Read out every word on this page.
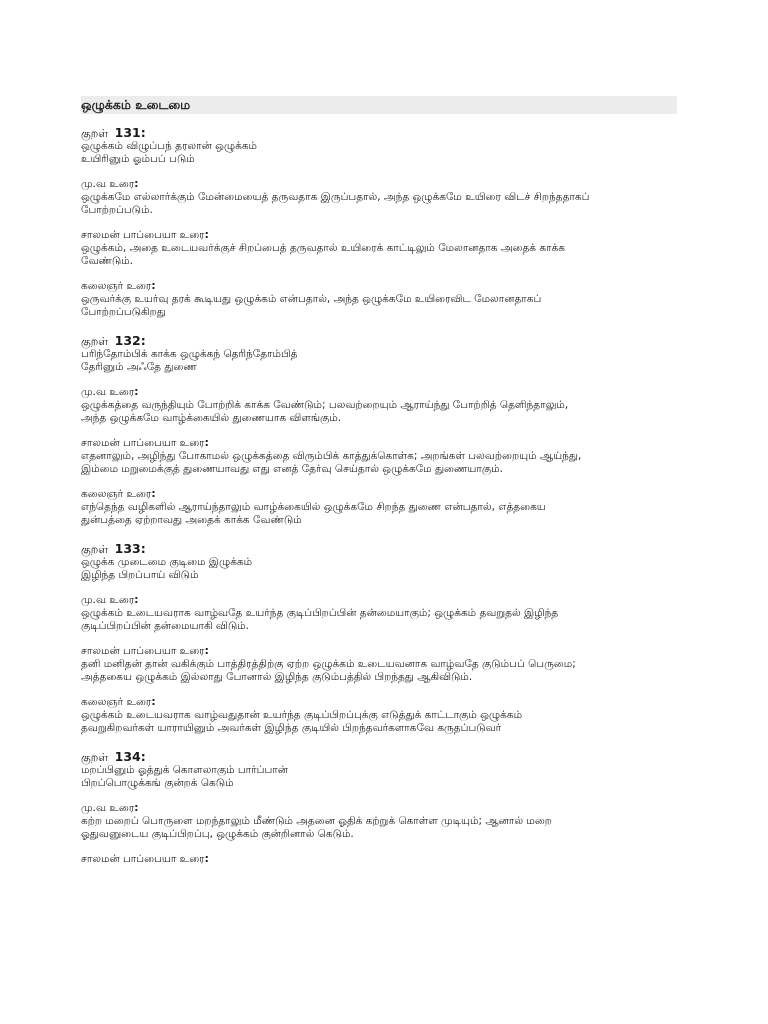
ஒழுக்கம் உடைமை
குறள் 131:
ஒழுக்கம் விழுப்பந் தரலான் ஒழுக்கம்
உயிரினும் ஓம்பப் படும்
மு.வ உரை:
ஒழுக்கமே எல்லார்க்கும் மேன்மையைத் தருவதாக இருப்பதால், அந்த ஒழுக்கமே உயிரை விடச் சிறந்ததாகப்
போற்றப்படும்.
சாலமன் பாப்பையா உரை:
ஒழுக்கம், அதை உடையவர்க்குச் சிறப்பைத் தருவதால் உயிரைக் காட்டிலும் மேலானதாக அதைக் காக்க
வேண்டும்.
கலைஞர் உரை:
ஒருவர்க்கு உயர்வு தரக் கூடியது ஒழுக்கம் என்பதால், அந்த ஒழுக்கமே உயிரைவிட மேலானதாகப்
போற்றப்படுகிறது
குறள் 132:
பரிந்தோம்பிக் காக்க ஒழுக்கந் தெரிந்தோம்பித்
தேரினும் அஃதே துணை
மு.வ உரை:
ஒழுக்கத்தை வருந்தியும் போற்றிக் காக்க வேண்டும்; பலவற்றையும் ஆராய்ந்து போற்றித் தெளிந்தாலும்,
அந்த ஒழுக்கமே வாழ்க்கையில் துணையாக விளங்கும்.
சாலமன் பாப்பையா உரை:
எதனாலும், அழிந்து போகாமல் ஒழுக்கத்தை விரும்பிக் காத்துக்கொள்க; அறங்கள் பலவற்றையும் ஆய்ந்து,
இம்மை மறுமைக்குத் துணையாவது எது எனத் தேர்வு செய்தால் ஒழுக்கமே துணையாகும்.
கலைஞர் உரை:
எந்தெந்த வழிகளில் ஆராய்ந்தாலும் வாழ்க்கையில் ஒழுக்கமே சிறந்த துணை என்பதால், எத்தகைய
துன்பத்தை ஏற்றாவது அதைக் காக்க வேண்டும்
குறள் 133:
ஒழுக்க முடைமை குடிமை இழுக்கம்
இழிந்த பிறப்பாய் விடும்
மு.வ உரை:
ஒழுக்கம் உடையவராக வாழ்வதே உயர்ந்த குடிப்பிறப்பின் தன்மையாகும்; ஒழுக்கம் தவறுதல் இழிந்த
குடிப்பிறப்பின் தன்மையாகி விடும்.
சாலமன் பாப்பையா உரை:
தனி மனிதன் தான் வகிக்கும் பாத்திரத்திற்கு ஏற்ற ஒழுக்கம் உடையவனாக வாழ்வதே குடும்பப் பெருமை;
அத்தகைய ஒழுக்கம் இல்லாது போனால் இழிந்த குடும்பத்தில் பிறந்தது ஆகிவிடும்.
கலைஞர் உரை:
ஒழுக்கம் உடையவராக வாழ்வதுதான் உயர்ந்த குடிப்பிறப்புக்கு எடுத்துக் காட்டாகும் ஒழுக்கம்
தவறுகிறவர்கள் யாராயினும் அவர்கள் இழிந்த குடியில் பிறந்தவர்களாகவே கருதப்படுவர்
குறள் 134:
மறப்பினும் ஓத்துக் கொளலாகும் பார்ப்பான்
பிறப்பொழுக்கங் குன்றக் கெடும்
மு.வ உரை:
கற்ற மறைப் பொருளை மறந்தாலும் மீண்டும் அதனை ஓதிக் கற்றுக் கொள்ள முடியும்; ஆனால் மறை
ஓதுவனுடைய குடிப்பிறப்பு, ஒழுக்கம் குன்றினால் கெடும்.
சாலமன் பாப்பையா உரை:
